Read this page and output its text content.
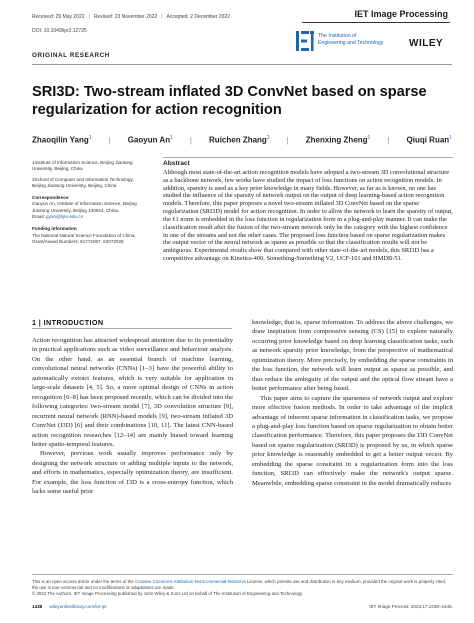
Received: 29 May 2022 | Revised: 23 November 2022 | Accepted: 2 December 2022
DOI: 10.1049/ipr2.12725
IET Image Processing
The Institution of
Engineering and Technology	WILEY
ORIGINAL RESEARCH
SRI3D: Two-stream inflated 3D ConvNet based on sparse regularization for action recognition
Zhaoqilin Yang$^1$ | Gaoyun An$^1$ | Ruichen Zhang$^2$ | Zhenxing Zheng$^1$ | Qiuqi Ruan$^1$

1Institute of Information Science, Beijing Jiaotong University, Beijing, China

2School of Computer and Information Technology, Beijing Jiaotong University, Beijing, China

Correspondence

Gaoyun An, Institute of Information Science, Beijing Jiaotong University, Beijing 100044, China.
Email: gyan@bjtu.edu.cn

Funding information

The National Natural Science Foundation of China, Grant/Award Numbers: 61772067, 62072028

Abstract

Although most state-of-the-art action recognition models have adopted a two-stream 3D convolutional structure as a backbone network, few works have studied the impact of loss functions on action recognition models. In addition, sparsity is used as a key prior knowledge in many fields. However, as far as is known, no one has studied the influence of the sparsity of network output on the output of deep learning-based action recognition models. Therefore, this paper proposes a novel two-stream inflated 3D ConvNet based on the sparse regularization (SRI3D) model for action recognition. In order to allow the network to learn the sparsity of output, the ℓ1 norm is embedded in the loss function in regularization form in a plug-and-play manner. It can make the classification result after the fusion of the two-stream network only be the category with the highest confidence in one of the streams and not the other cases. The proposed loss function based on sparse regularization makes the output vector of the neural network as sparse as possible so that the classification results will not be ambiguous. Experimental results show that compared with other state-of-the-art models, this SRI3D has a competitive advantage on Kinetics-400, Something-Something V2, UCF-101 and HMDB-51.

1 | INTRODUCTION

Action recognition has attracted widespread attention due to its potentiality in practical applications such as video surveillance and behaviour analysis. On the other hand, as an essential branch of machine learning, convolutional neural networks (CNNs) [1–3] have the powerful ability to automatically extract features, which is very suitable for application in large-scale datasets [4, 5]. So, a more optimal design of CNNs in action recognition [6–8] has been proposed recently, which can be divided into the following categories: two-stream model [7], 3D convolution structure [9], recurrent neural network (RNN)-based models [9], two-stream inflated 3D ConvNet (I3D) [6] and their combinations [10, 11]. The latest CNN-based action recognition researches [12–14] are mainly biased toward learning better spatio-temporal features.

However, previous work usually improves performance only by designing the network structure or adding multiple inputs to the network, and efforts in mathematics, especially optimization theory, are insufficient. For example, the loss function of I3D is a cross-entropy function, which lacks some useful prior

knowledge, that is, sparse information. To address the above challenges, we draw inspiration from compressive sensing (CS) [15] to explore naturally occurring prior knowledge based on deep learning classification tasks, such as network sparsity prior knowledge, from the perspective of mathematical optimization theory. More precisely, by embedding the sparse constraints in the loss function, the network will learn output as sparse as possible, and thus reduce the ambiguity of the output and the optical flow stream have a better performance after being fused.

This paper aims to capture the sparseness of network output and explore more effective fusion methods. In order to take advantage of the implicit advantage of inherent sparse information in classification tasks, we propose a plug-and-play loss function based on sparse regularization to obtain better classification performance. Therefore, this paper proposes the I3D ConvNet based on sparse regularization (SRI3D) is proposed by us, in which sparse prior knowledge is reasonably embedded to get a better output vector. By embedding the sparse constraint in a regularization form into the loss function, SRI3D can effectively make the network's output sparse. Meanwhile, embedding sparse constraint in the model dramatically reduces

This is an open access article under the terms of the Creative Commons Attribution-NonCommercial-NoDerivs License, which permits use and distribution in any medium, provided the original work is properly cited, the use is non-commercial and no modifications or adaptations are made.
© 2022 The Authors. IET Image Processing published by John Wiley & Sons Ltd on behalf of The Institution of Engineering and Technology.
1438 wileyonlinelibrary.com/iet-ipr	IET Image Process. 2023;17:1438–1446.
